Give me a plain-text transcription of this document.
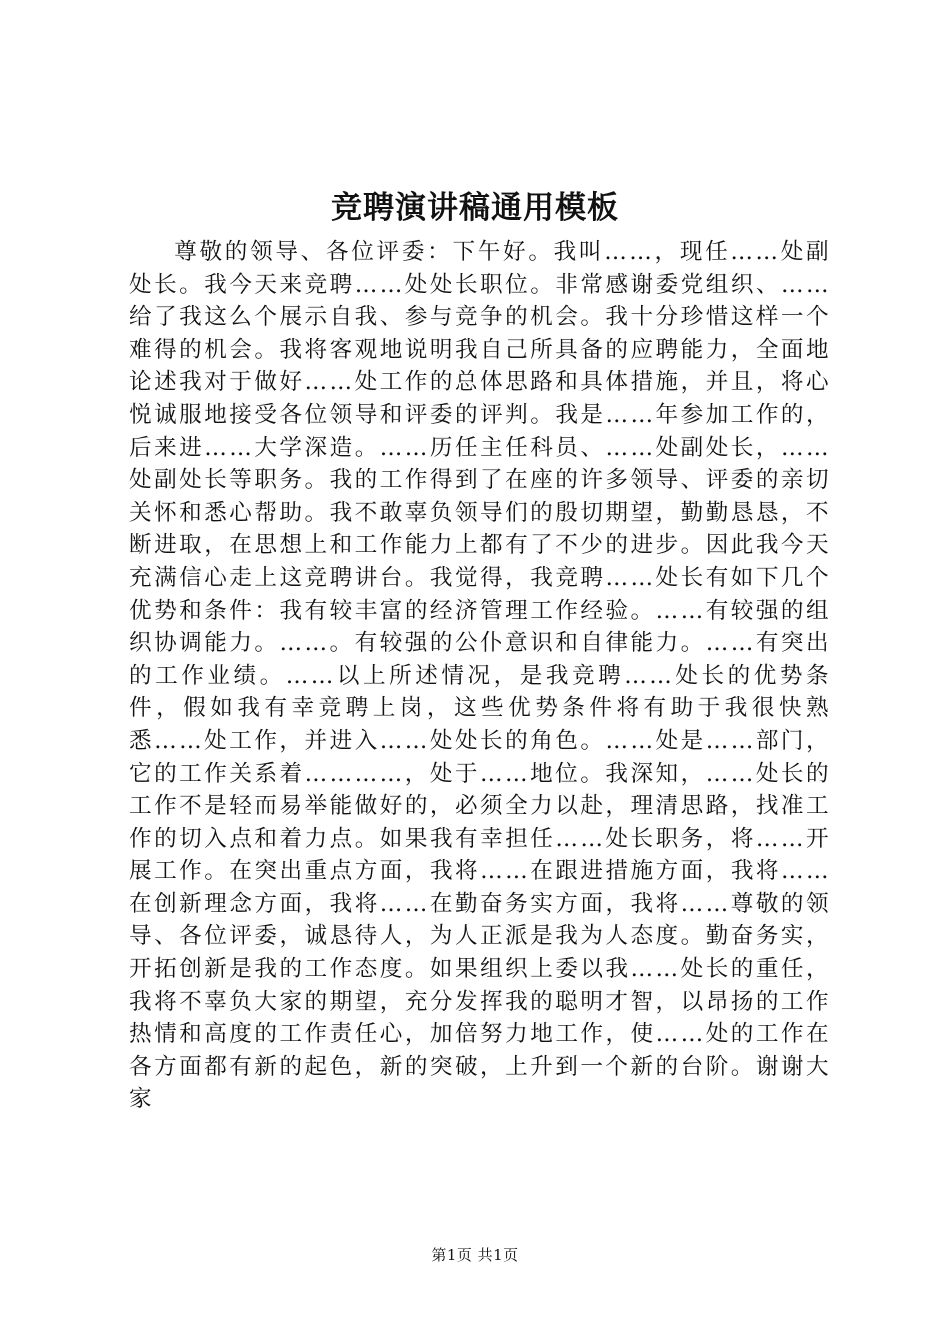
竞聘演讲稿通用模板

尊敬的领导、各位评委：下午好。我叫……，现任……处副处长。我今天来竞聘……处处长职位。非常感谢委党组织、……给了我这么个展示自我、参与竞争的机会。我十分珍惜这样一个难得的机会。我将客观地说明我自己所具备的应聘能力，全面地论述我对于做好……处工作的总体思路和具体措施，并且，将心悦诚服地接受各位领导和评委的评判。我是……年参加工作的，后来进……大学深造。……历任主任科员、……处副处长，……处副处长等职务。我的工作得到了在座的许多领导、评委的亲切关怀和悉心帮助。我不敢辜负领导们的殷切期望，勤勤恳恳，不断进取，在思想上和工作能力上都有了不少的进步。因此我今天充满信心走上这竞聘讲台。我觉得，我竞聘……处长有如下几个优势和条件：我有较丰富的经济管理工作经验。……有较强的组织协调能力。……。有较强的公仆意识和自律能力。……有突出的工作业绩。……以上所述情况，是我竞聘……处长的优势条件，假如我有幸竞聘上岗，这些优势条件将有助于我很快熟悉……处工作，并进入……处处长的角色。……处是……部门，它的工作关系着…………，处于……地位。我深知，……处长的工作不是轻而易举能做好的，必须全力以赴，理清思路，找准工作的切入点和着力点。如果我有幸担任……处长职务，将……开展工作。在突出重点方面，我将……在跟进措施方面，我将……在创新理念方面，我将……在勤奋务实方面，我将……尊敬的领导、各位评委，诚恳待人，为人正派是我为人态度。勤奋务实，开拓创新是我的工作态度。如果组织上委以我……处长的重任，我将不辜负大家的期望，充分发挥我的聪明才智，以昂扬的工作热情和高度的工作责任心，加倍努力地工作，使……处的工作在各方面都有新的起色，新的突破，上升到一个新的台阶。谢谢大家

第1页 共1页
